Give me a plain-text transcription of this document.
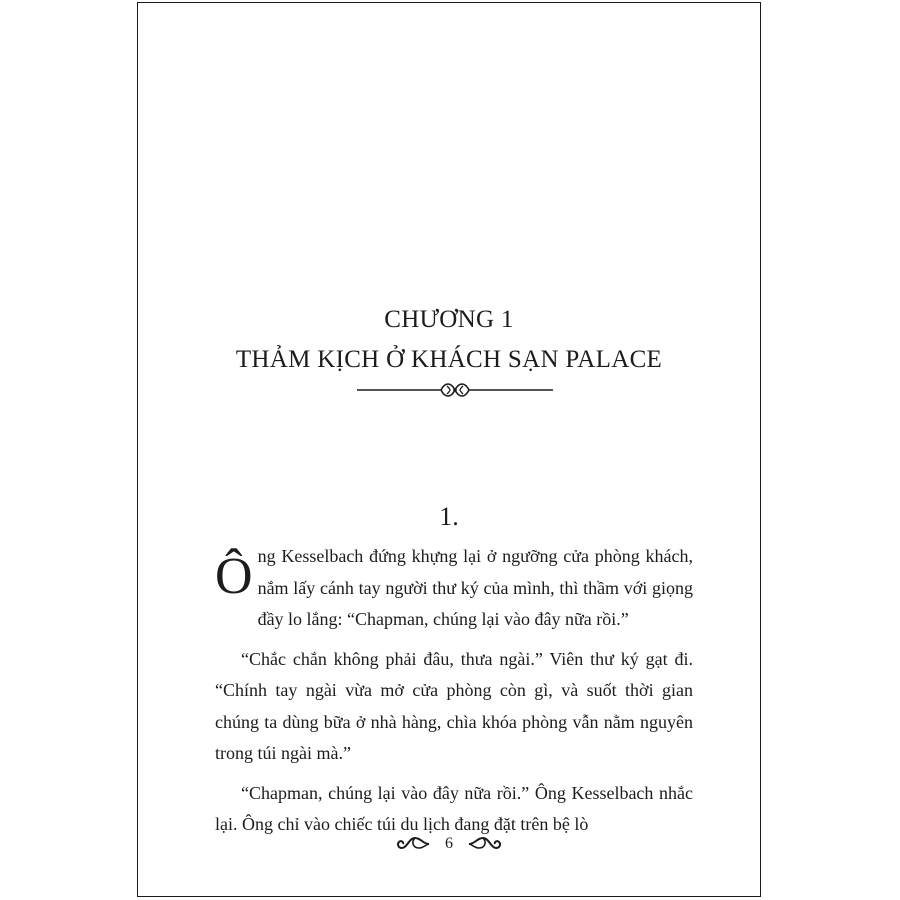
CHƯƠNG 1
THẢM KỊCH Ở KHÁCH SẠN PALACE
1.

Ông Kesselbach đứng khựng lại ở ngưỡng cửa phòng khách, nắm lấy cánh tay người thư ký của mình, thì thầm với giọng đầy lo lắng: “Chapman, chúng lại vào đây nữa rồi.”

“Chắc chắn không phải đâu, thưa ngài.” Viên thư ký gạt đi. “Chính tay ngài vừa mở cửa phòng còn gì, và suốt thời gian chúng ta dùng bữa ở nhà hàng, chìa khóa phòng vẫn nằm nguyên trong túi ngài mà.”

“Chapman, chúng lại vào đây nữa rồi.” Ông Kesselbach nhắc lại. Ông chỉ vào chiếc túi du lịch đang đặt trên bệ lò

6
